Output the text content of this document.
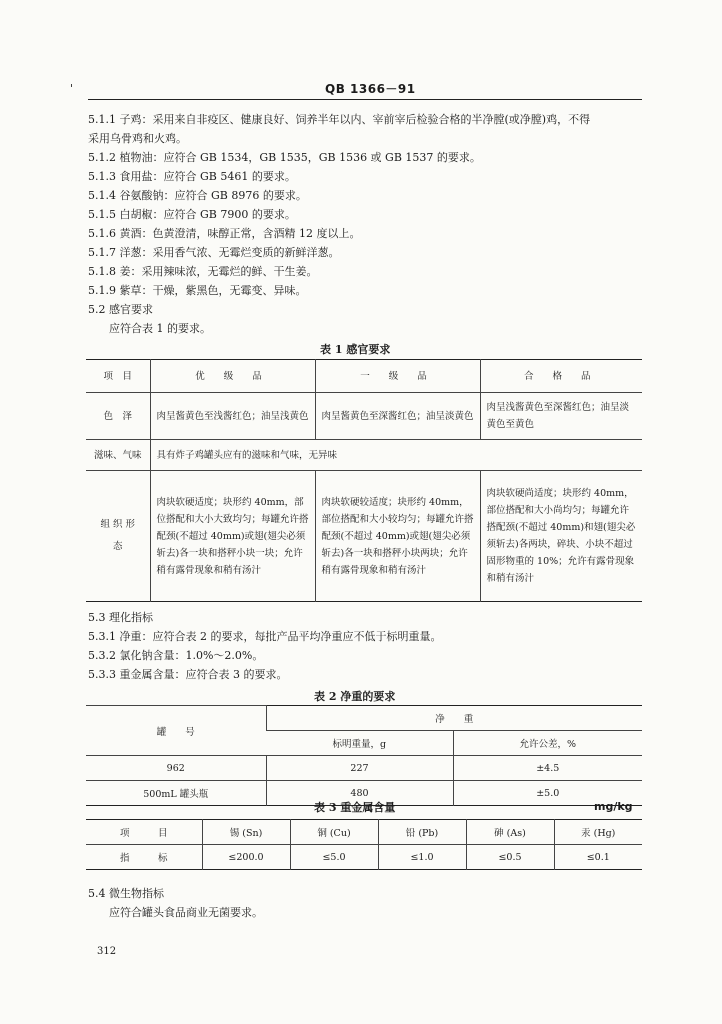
'	QB 1366－91
5.1.1 子鸡：采用来自非疫区、健康良好、饲养半年以内、宰前宰后检验合格的半净膛(或净膛)鸡，不得
采用乌骨鸡和火鸡。
5.1.2 植物油：应符合 GB 1534，GB 1535，GB 1536 或 GB 1537 的要求。
5.1.3 食用盐：应符合 GB 5461 的要求。
5.1.4 谷氨酸钠：应符合 GB 8976 的要求。
5.1.5 白胡椒：应符合 GB 7900 的要求。
5.1.6 黄酒：色黄澄清，味醇正常，含酒精 12 度以上。
5.1.7 洋葱：采用香气浓、无霉烂变质的新鲜洋葱。
5.1.8 姜：采用辣味浓，无霉烂的鲜、干生姜。
5.1.9 紫草：干燥，紫黑色，无霉变、异味。
5.2 感官要求
应符合表 1 的要求。
表 1 感官要求
项　目	优 级 品	一 级 品	合 格 品
色　泽	肉呈酱黄色至浅酱红色；油呈浅黄色	肉呈酱黄色至深酱红色；油呈淡黄色	肉呈浅酱黄色至深酱红色；油呈淡黄色至黄色
滋味、气味	具有炸子鸡罐头应有的滋味和气味，无异味		
组 织 形 态	肉块软硬适度；块形约 40mm，部位搭配和大小大致均匀；每罐允许搭配颈(不超过 40mm)或翅(翅尖必须斩去)各一块和搭秤小块一块；允许稍有露骨现象和稍有汤汁	肉块软硬较适度；块形约 40mm，部位搭配和大小较均匀；每罐允许搭配颈(不超过 40mm)或翅(翅尖必须斩去)各一块和搭秤小块两块；允许稍有露骨现象和稍有汤汁	肉块软硬尚适度；块形约 40mm，部位搭配和大小尚均匀；每罐允许搭配颈(不超过 40mm)和翅(翅尖必须斩去)各两块，碎块、小块不超过固形物重的 10%；允许有露骨现象和稍有汤汁
5.3 理化指标
5.3.1 净重：应符合表 2 的要求，每批产品平均净重应不低于标明重量。
5.3.2 氯化钠含量：1.0%～2.0%。
5.3.3 重金属含量：应符合表 3 的要求。
表 2 净重的要求
罐　　号	净　　重	
	标明重量，g	允许公差，%
962	227	±4.5
500mL 罐头瓶	480	±5.0
表 3 重金属含量	mg/kg
项　　　目	锡 (Sn)	铜 (Cu)	铅 (Pb)	砷 (As)	汞 (Hg)
指　　　标	≤200.0	≤5.0	≤1.0	≤0.5	≤0.1
5.4 微生物指标
应符合罐头食品商业无菌要求。
312
